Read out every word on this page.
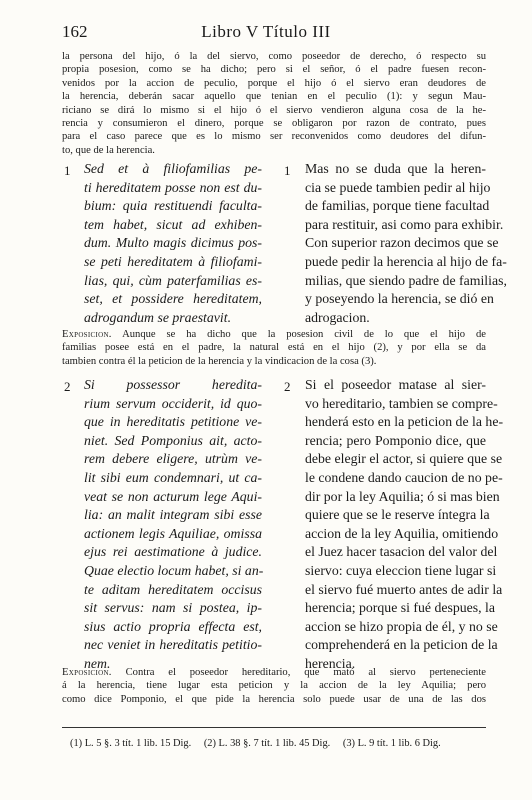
162	Libro V Título III
la persona del hijo, ó la del siervo, como poseedor de derecho, ó respecto su
propia posesion, como se ha dicho; pero si el señor, ó el padre fuesen recon-
venidos por la accion de peculio, porque el hijo ó el siervo eran deudores de
la herencia, deberán sacar aquello que tenian en el peculio (1): y segun Mau-
riciano se dirá lo mismo si el hijo ó el siervo vendieron alguna cosa de la he-
rencia y consumieron el dinero, porque se obligaron por razon de contrato, pues
para el caso parece que es lo mismo ser reconvenidos como deudores del difun-
to, que de la herencia.
1 Sed et à filiofamilias pe-
ti hereditatem posse non est du-
bium: quia restituendi facultа-
tem habet, sicut ad exhiben-
dum. Multo magis dicimus pos-
se peti hereditatem à filiofami-
lias, qui, cùm paterfamilias es-
set, et possidere hereditatem,
adrogandum se praestavit.
1 Mas no se duda que la heren-
cia se puede tambien pedir al hijo
de familias, porque tiene facultad
para restituir, asi como para exhibir.
Con superior razon decimos que se
puede pedir la herencia al hijo de fa-
milias, que siendo padre de familias,
y poseyendo la herencia, se dió en
adrogacion.
Exposicion. Aunque se ha dicho que la posesion civil de lo que el hijo de
familias posee está en el padre, la natural está en el hijo (2), y por ella se da
tambien contra él la peticion de la herencia y la vindicacion de la cosa (3).
2 Si possessor heredita-
rium servum occiderit, id quo-
que in hereditatis petitione ve-
niet. Sed Pomponius ait, acto-
rem debere eligere, utrùm ve-
lit sibi eum condemnari, ut ca-
veat se non acturum lege Aqui-
lia: an malit integram sibi esse
actionem legis Aquiliae, omissa
ejus rei aestimatione à judice.
Quae electio locum habet, si an-
te aditam hereditatem occisus
sit servus: nam si postea, ip-
sius actio propria effecta est,
nec veniet in hereditatis petitio-
nem.
2 Si el poseedor matase al sier-
vo hereditario, tambien se compre-
henderá esto en la peticion de la he-
rencia; pero Pomponio dice, que
debe elegir el actor, si quiere que se
le condene dando caucion de no pe-
dir por la ley Aquilia; ó si mas bien
quiere que se le reserve íntegra la
accion de la ley Aquilia, omitiendo
el Juez hacer tasacion del valor del
siervo: cuya eleccion tiene lugar si
el siervo fué muerto antes de adir la
herencia; porque si fué despues, la
accion se hizo propia de él, y no se
comprehenderá en la peticion de la
herencia.
Exposicion. Contra el poseedor hereditario, que mató al siervo perteneciente
á la herencia, tiene lugar esta peticion y la accion de la ley Aquilia; pero
como dice Pomponio, el que pide la herencia solo puede usar de una de las dos
(1) L. 5 §. 3 tít. 1 lib. 15 Dig. (2) L. 38 §. 7 tít. 1 lib. 45 Dig. (3) L. 9 tít. 1 lib. 6 Dig.
